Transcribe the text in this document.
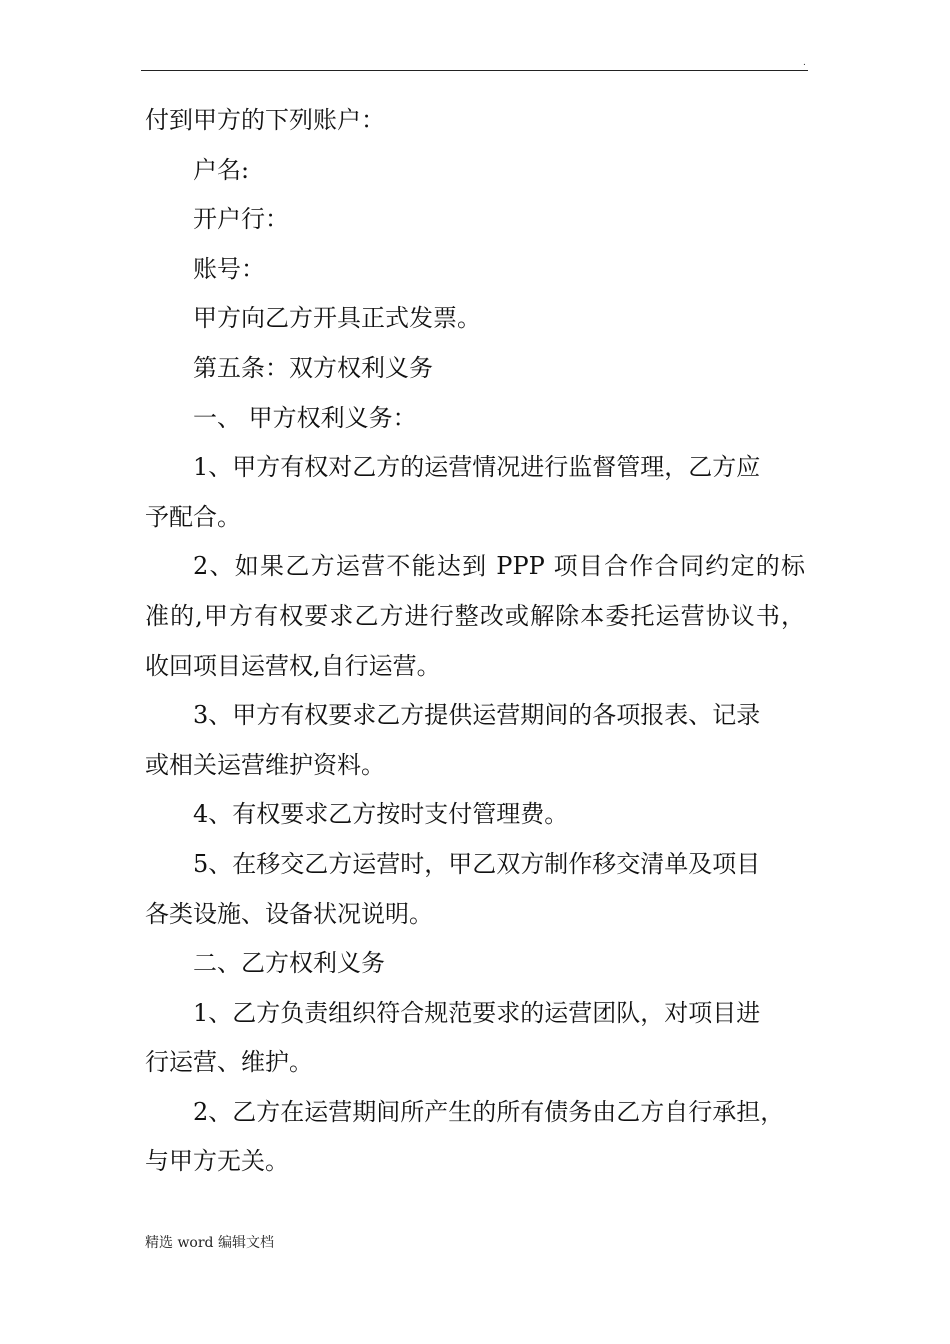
.
付到甲方的下列账户：
户名:
开户行：
账号：
甲方向乙方开具正式发票。
第五条：双方权利义务
一、 甲方权利义务：
1、甲方有权对乙方的运营情况进行监督管理，乙方应
予配合。
2、如果乙方运营不能达到 PPP 项目合作合同约定的标
准的,甲方有权要求乙方进行整改或解除本委托运营协议书，
收回项目运营权,自行运营。
3、甲方有权要求乙方提供运营期间的各项报表、记录
或相关运营维护资料。
4、有权要求乙方按时支付管理费。
5、在移交乙方运营时，甲乙双方制作移交清单及项目
各类设施、设备状况说明。
二、乙方权利义务
1、乙方负责组织符合规范要求的运营团队，对项目进
行运营、维护。
2、乙方在运营期间所产生的所有债务由乙方自行承担，
与甲方无关。
精选 word 编辑文档
